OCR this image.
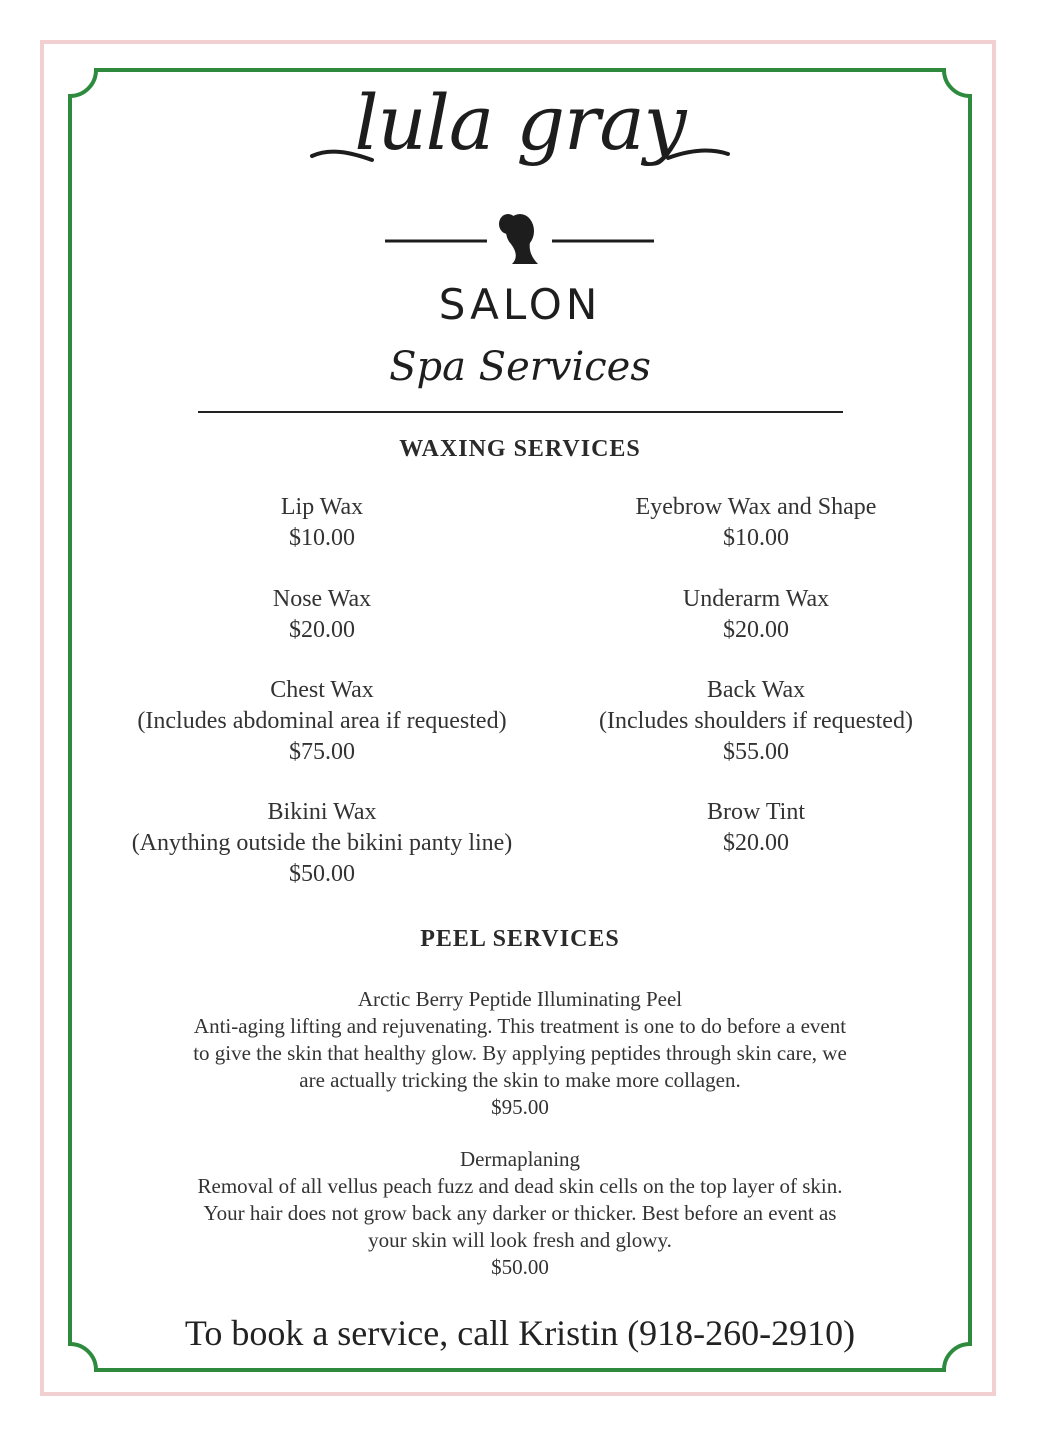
lula gray
SALON
Spa Services
WAXING SERVICES
Lip Wax
$10.00
Nose Wax
$20.00
Chest Wax
(Includes abdominal area if requested)
$75.00
Bikini Wax
(Anything outside the bikini panty line)
$50.00
Eyebrow Wax and Shape
$10.00
Underarm Wax
$20.00
Back Wax
(Includes shoulders if requested)
$55.00
Brow Tint
$20.00
PEEL SERVICES
Arctic Berry Peptide Illuminating Peel
Anti-aging lifting and rejuvenating. This treatment is one to do before a event
to give the skin that healthy glow. By applying peptides through skin care, we
are actually tricking the skin to make more collagen.
$95.00
Dermaplaning
Removal of all vellus peach fuzz and dead skin cells on the top layer of skin.
Your hair does not grow back any darker or thicker. Best before an event as
your skin will look fresh and glowy.
$50.00
To book a service, call Kristin (918-260-2910)
